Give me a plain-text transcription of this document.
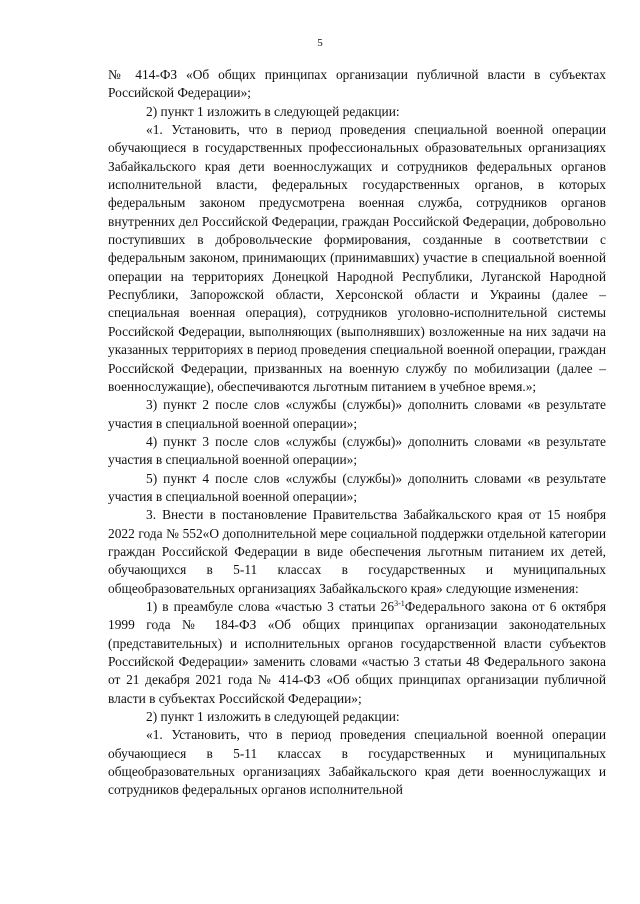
5

№ 414-ФЗ «Об общих принципах организации публичной власти в субъектах Российской Федерации»;

2) пункт 1 изложить в следующей редакции:

«1. Установить, что в период проведения специальной военной операции обучающиеся в государственных профессиональных образовательных организациях Забайкальского края дети военнослужащих и сотрудников федеральных органов исполнительной власти, федеральных государственных органов, в которых федеральным законом предусмотрена военная служба, сотрудников органов внутренних дел Российской Федерации, граждан Российской Федерации, добровольно поступивших в добровольческие формирования, созданные в соответствии с федеральным законом, принимающих (принимавших) участие в специальной военной операции на территориях Донецкой Народной Республики, Луганской Народной Республики, Запорожской области, Херсонской области и Украины (далее – специальная военная операция), сотрудников уголовно-исполнительной системы Российской Федерации, выполняющих (выполнявших) возложенные на них задачи на указанных территориях в период проведения специальной военной операции, граждан Российской Федерации, призванных на военную службу по мобилизации (далее – военнослужащие), обеспечиваются льготным питанием в учебное время.»;

3) пункт 2 после слов «службы (службы)» дополнить словами «в результате участия в специальной военной операции»;

4) пункт 3 после слов «службы (службы)» дополнить словами «в результате участия в специальной военной операции»;

5) пункт 4 после слов «службы (службы)» дополнить словами «в результате участия в специальной военной операции»;

3. Внести в постановление Правительства Забайкальского края от 15 ноября 2022 года № 552«О дополнительной мере социальной поддержки отдельной категории граждан Российской Федерации в виде обеспечения льготным питанием их детей, обучающихся в 5-11 классах в государственных и муниципальных общеобразовательных организациях Забайкальского края» следующие изменения:

1) в преамбуле слова «частью 3 статьи 26$^{3-1}$Федерального закона от 6 октября 1999 года № 184-ФЗ «Об общих принципах организации законодательных (представительных) и исполнительных органов государственной власти субъектов Российской Федерации» заменить словами «частью 3 статьи 48 Федерального закона от 21 декабря 2021 года № 414-ФЗ «Об общих принципах организации публичной власти в субъектах Российской Федерации»;

2) пункт 1 изложить в следующей редакции:

«1. Установить, что в период проведения специальной военной операции обучающиеся в 5-11 классах в государственных и муниципальных общеобразовательных организациях Забайкальского края дети военнослужащих и сотрудников федеральных органов исполнительной
